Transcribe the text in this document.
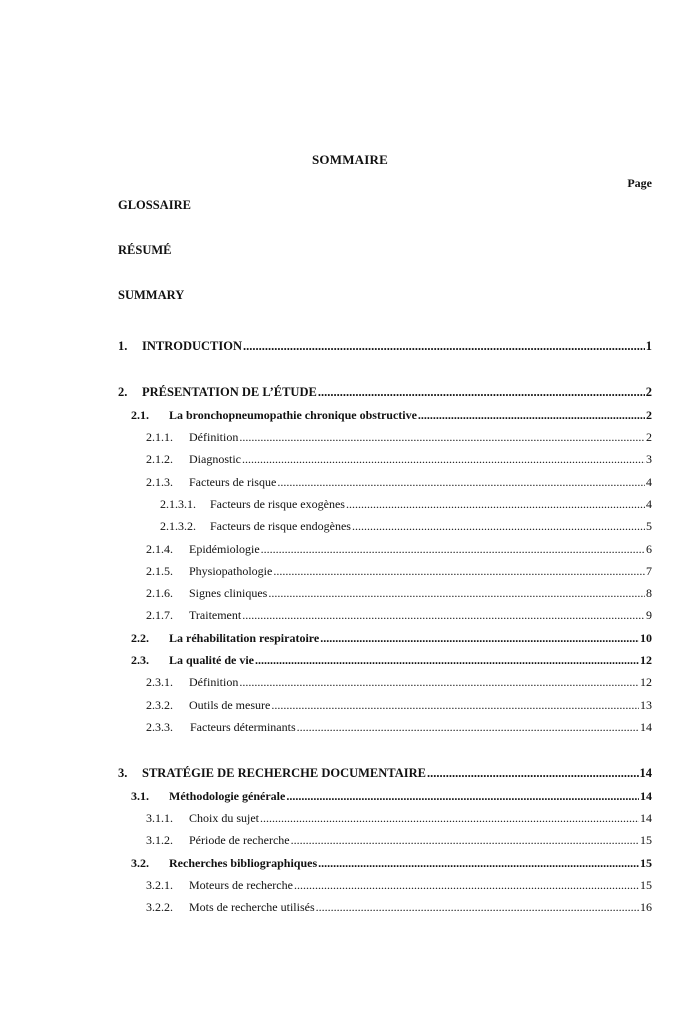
SOMMAIRE
Page
GLOSSAIRE
RÉSUMÉ
SUMMARY
1.	INTRODUCTION .....	1
2.	PRÉSENTATION DE L’ÉTUDE .....	2
2.1.	La bronchopneumopathie chronique obstructive .....	2
2.1.1.	Définition .....	2
2.1.2.	Diagnostic .....	3
2.1.3.	Facteurs de risque .....	4
2.1.3.1.	Facteurs de risque exogènes .....	4
2.1.3.2.	Facteurs de risque endogènes .....	5
2.1.4.	Epidémiologie .....	6
2.1.5.	Physiopathologie .....	7
2.1.6.	Signes cliniques .....	8
2.1.7.	Traitement .....	9
2.2.	La réhabilitation respiratoire .....	10
2.3.	La qualité de vie .....	12
2.3.1.	Définition .....	12
2.3.2.	Outils de mesure .....	13
2.3.3.	Facteurs déterminants .....	14
3.	STRATÉGIE DE RECHERCHE DOCUMENTAIRE .....	14
3.1.	Méthodologie générale .....	14
3.1.1.	Choix du sujet .....	14
3.1.2.	Période de recherche .....	15
3.2.	Recherches bibliographiques .....	15
3.2.1.	Moteurs de recherche .....	15
3.2.2.	Mots de recherche utilisés .....	16
